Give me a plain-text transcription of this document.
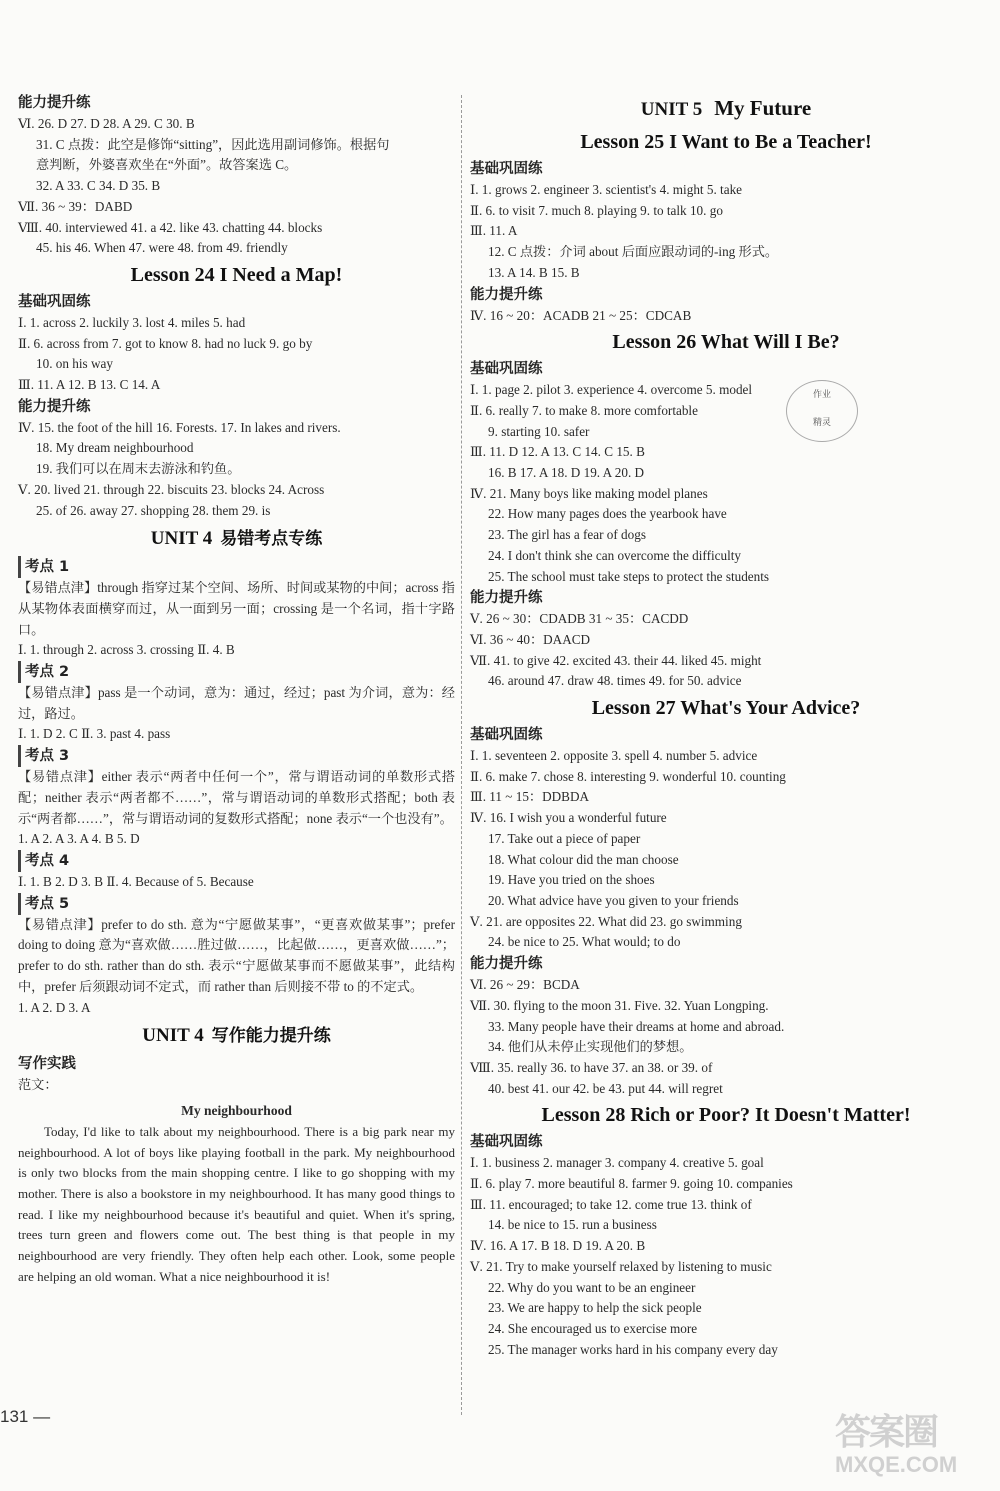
能力提升练
Ⅵ. 26. D 27. D 28. A 29. C 30. B
31. C 点拨：此空是修饰“sitting”，因此选用副词修饰。根据句
意判断，外婆喜欢坐在“外面”。故答案选 C。
32. A 33. C 34. D 35. B
Ⅶ. 36 ~ 39：DABD
Ⅷ. 40. interviewed 41. a 42. like 43. chatting 44. blocks
45. his 46. When 47. were 48. from 49. friendly
Lesson 24 I Need a Map!
基础巩固练
Ⅰ. 1. across 2. luckily 3. lost 4. miles 5. had
Ⅱ. 6. across from 7. got to know 8. had no luck 9. go by
10. on his way
Ⅲ. 11. A 12. B 13. C 14. A
能力提升练
Ⅳ. 15. the foot of the hill 16. Forests. 17. In lakes and rivers.
18. My dream neighbourhood
19. 我们可以在周末去游泳和钓鱼。
Ⅴ. 20. lived 21. through 22. biscuits 23. blocks 24. Across
25. of 26. away 27. shopping 28. them 29. is
UNIT 4 易错考点专练
考点 1
【易错点津】through 指穿过某个空间、场所、时间或某物的中间；across 指从某物体表面横穿而过，从一面到另一面；crossing 是一个名词，指十字路口。
Ⅰ. 1. through 2. across 3. crossing Ⅱ. 4. B
考点 2
【易错点津】pass 是一个动词，意为：通过，经过；past 为介词，意为：经过，路过。
Ⅰ. 1. D 2. C Ⅱ. 3. past 4. pass
考点 3
【易错点津】either 表示“两者中任何一个”，常与谓语动词的单数形式搭配；neither 表示“两者都不……”，常与谓语动词的单数形式搭配；both 表示“两者都……”，常与谓语动词的复数形式搭配；none 表示“一个也没有”。
1. A 2. A 3. A 4. B 5. D
考点 4
Ⅰ. 1. B 2. D 3. B Ⅱ. 4. Because of 5. Because
考点 5
【易错点津】prefer to do sth. 意为“宁愿做某事”，“更喜欢做某事”；prefer doing to doing 意为“喜欢做……胜过做……，比起做……，更喜欢做……”；prefer to do sth. rather than do sth. 表示“宁愿做某事而不愿做某事”，此结构中，prefer 后须跟动词不定式，而 rather than 后则接不带 to 的不定式。
1. A 2. D 3. A
UNIT 4 写作能力提升练
写作实践
范文：
My neighbourhood
Today, I'd like to talk about my neighbourhood. There is a big park near my neighbourhood. A lot of boys like playing football in the park. My neighbourhood is only two blocks from the main shopping centre. I like to go shopping with my mother. There is also a bookstore in my neighbourhood. It has many good things to read. I like my neighbourhood because it's beautiful and quiet. When it's spring, trees turn green and flowers come out. The best thing is that people in my neighbourhood are very friendly. They often help each other. Look, some people are helping an old woman. What a nice neighbourhood it is!
UNIT 5 My Future
Lesson 25 I Want to Be a Teacher!
基础巩固练
Ⅰ. 1. grows 2. engineer 3. scientist's 4. might 5. take
Ⅱ. 6. to visit 7. much 8. playing 9. to talk 10. go
Ⅲ. 11. A
12. C 点拨：介词 about 后面应跟动词的-ing 形式。
13. A 14. B 15. B
能力提升练
Ⅳ. 16 ~ 20：ACADB 21 ~ 25：CDCAB
Lesson 26 What Will I Be?
基础巩固练
Ⅰ. 1. page 2. pilot 3. experience 4. overcome 5. model
Ⅱ. 6. really 7. to make 8. more comfortable
9. starting 10. safer
Ⅲ. 11. D 12. A 13. C 14. C 15. B
16. B 17. A 18. D 19. A 20. D
Ⅳ. 21. Many boys like making model planes
22. How many pages does the yearbook have
23. The girl has a fear of dogs
24. I don't think she can overcome the difficulty
25. The school must take steps to protect the students
能力提升练
Ⅴ. 26 ~ 30：CDADB 31 ~ 35：CACDD
Ⅵ. 36 ~ 40：DAACD
Ⅶ. 41. to give 42. excited 43. their 44. liked 45. might
46. around 47. draw 48. times 49. for 50. advice
Lesson 27 What's Your Advice?
基础巩固练
Ⅰ. 1. seventeen 2. opposite 3. spell 4. number 5. advice
Ⅱ. 6. make 7. chose 8. interesting 9. wonderful 10. counting
Ⅲ. 11 ~ 15：DDBDA
Ⅳ. 16. I wish you a wonderful future
17. Take out a piece of paper
18. What colour did the man choose
19. Have you tried on the shoes
20. What advice have you given to your friends
Ⅴ. 21. are opposites 22. What did 23. go swimming
24. be nice to 25. What would; to do
能力提升练
Ⅵ. 26 ~ 29：BCDA
Ⅶ. 30. flying to the moon 31. Five. 32. Yuan Longping.
33. Many people have their dreams at home and abroad.
34. 他们从未停止实现他们的梦想。
Ⅷ. 35. really 36. to have 37. an 38. or 39. of
40. best 41. our 42. be 43. put 44. will regret
Lesson 28 Rich or Poor? It Doesn't Matter!
基础巩固练
Ⅰ. 1. business 2. manager 3. company 4. creative 5. goal
Ⅱ. 6. play 7. more beautiful 8. farmer 9. going 10. companies
Ⅲ. 11. encouraged; to take 12. come true 13. think of
14. be nice to 15. run a business
Ⅳ. 16. A 17. B 18. D 19. A 20. B
Ⅴ. 21. Try to make yourself relaxed by listening to music
22. Why do you want to be an engineer
23. We are happy to help the sick people
24. She encouraged us to exercise more
25. The manager works hard in his company every day
作业
精灵
131 —	答案圈
MXQE.COM
